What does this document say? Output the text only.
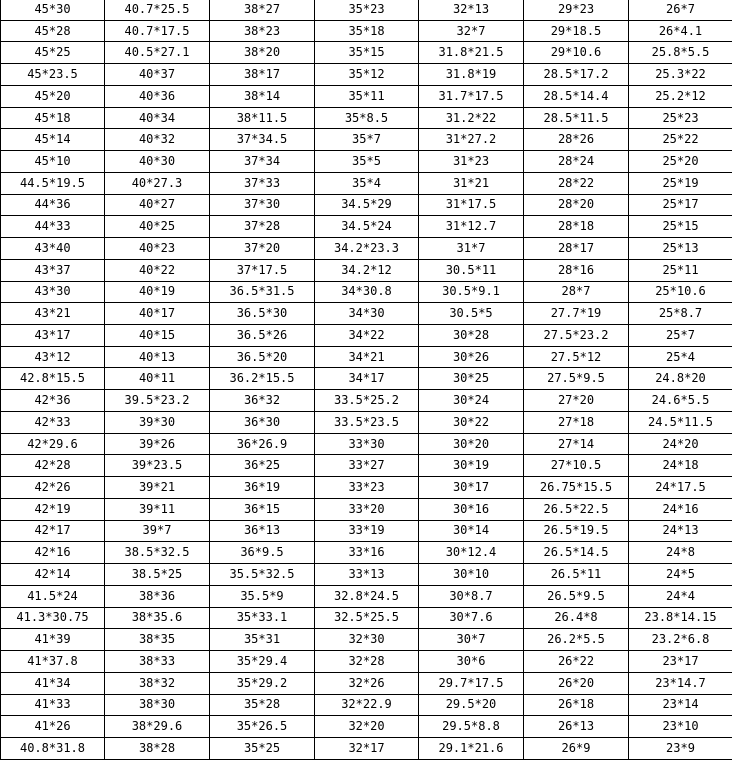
45*30	40.7*25.5	38*27	35*23	32*13	29*23	26*7
45*28	40.7*17.5	38*23	35*18	32*7	29*18.5	26*4.1
45*25	40.5*27.1	38*20	35*15	31.8*21.5	29*10.6	25.8*5.5
45*23.5	40*37	38*17	35*12	31.8*19	28.5*17.2	25.3*22
45*20	40*36	38*14	35*11	31.7*17.5	28.5*14.4	25.2*12
45*18	40*34	38*11.5	35*8.5	31.2*22	28.5*11.5	25*23
45*14	40*32	37*34.5	35*7	31*27.2	28*26	25*22
45*10	40*30	37*34	35*5	31*23	28*24	25*20
44.5*19.5	40*27.3	37*33	35*4	31*21	28*22	25*19
44*36	40*27	37*30	34.5*29	31*17.5	28*20	25*17
44*33	40*25	37*28	34.5*24	31*12.7	28*18	25*15
43*40	40*23	37*20	34.2*23.3	31*7	28*17	25*13
43*37	40*22	37*17.5	34.2*12	30.5*11	28*16	25*11
43*30	40*19	36.5*31.5	34*30.8	30.5*9.1	28*7	25*10.6
43*21	40*17	36.5*30	34*30	30.5*5	27.7*19	25*8.7
43*17	40*15	36.5*26	34*22	30*28	27.5*23.2	25*7
43*12	40*13	36.5*20	34*21	30*26	27.5*12	25*4
42.8*15.5	40*11	36.2*15.5	34*17	30*25	27.5*9.5	24.8*20
42*36	39.5*23.2	36*32	33.5*25.2	30*24	27*20	24.6*5.5
42*33	39*30	36*30	33.5*23.5	30*22	27*18	24.5*11.5
42*29.6	39*26	36*26.9	33*30	30*20	27*14	24*20
42*28	39*23.5	36*25	33*27	30*19	27*10.5	24*18
42*26	39*21	36*19	33*23	30*17	26.75*15.5	24*17.5
42*19	39*11	36*15	33*20	30*16	26.5*22.5	24*16
42*17	39*7	36*13	33*19	30*14	26.5*19.5	24*13
42*16	38.5*32.5	36*9.5	33*16	30*12.4	26.5*14.5	24*8
42*14	38.5*25	35.5*32.5	33*13	30*10	26.5*11	24*5
41.5*24	38*36	35.5*9	32.8*24.5	30*8.7	26.5*9.5	24*4
41.3*30.75	38*35.6	35*33.1	32.5*25.5	30*7.6	26.4*8	23.8*14.15
41*39	38*35	35*31	32*30	30*7	26.2*5.5	23.2*6.8
41*37.8	38*33	35*29.4	32*28	30*6	26*22	23*17
41*34	38*32	35*29.2	32*26	29.7*17.5	26*20	23*14.7
41*33	38*30	35*28	32*22.9	29.5*20	26*18	23*14
41*26	38*29.6	35*26.5	32*20	29.5*8.8	26*13	23*10
40.8*31.8	38*28	35*25	32*17	29.1*21.6	26*9	23*9
